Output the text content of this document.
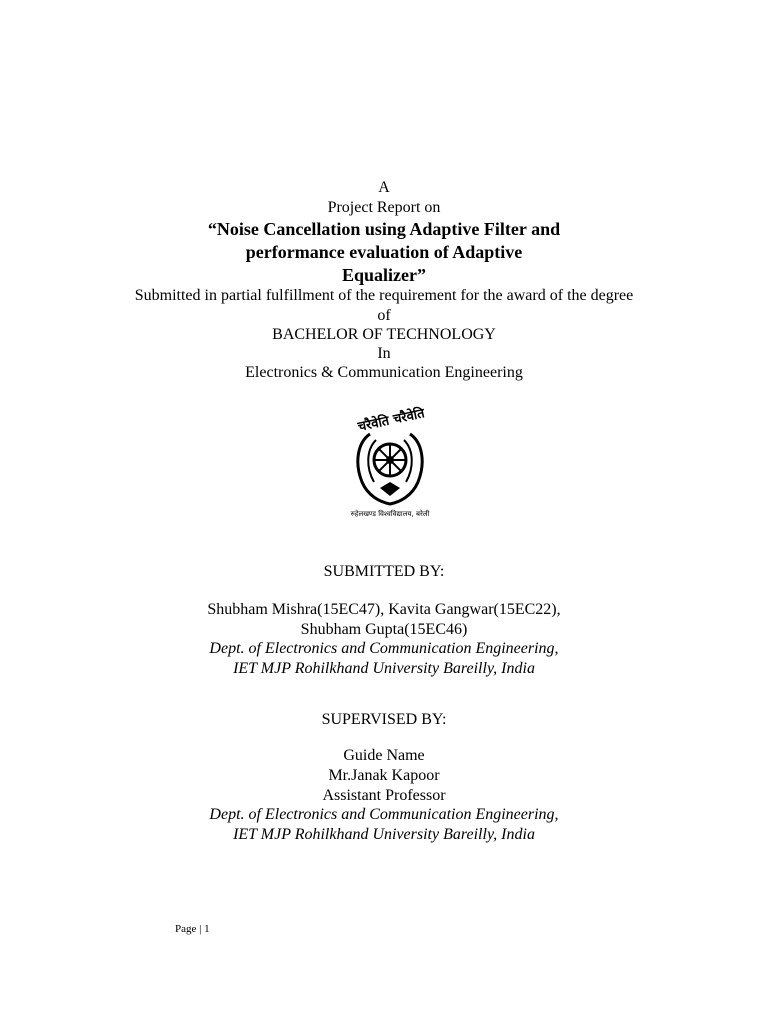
A
Project Report on
“Noise Cancellation using Adaptive Filter and
performance evaluation of Adaptive
Equalizer”
Submitted in partial fulfillment of the requirement for the award of the degree
of
BACHELOR OF TECHNOLOGY
In
Electronics & Communication Engineering
चरैवेति चरैवेति
रुहेलखण्ड विश्वविद्यालय, बरेली
SUBMITTED BY:
Shubham Mishra(15EC47), Kavita Gangwar(15EC22),
Shubham Gupta(15EC46)
Dept. of Electronics and Communication Engineering,
IET MJP Rohilkhand University Bareilly, India
SUPERVISED BY:
Guide Name
Mr.Janak Kapoor
Assistant Professor
Dept. of Electronics and Communication Engineering,
IET MJP Rohilkhand University Bareilly, India
Page | 1
